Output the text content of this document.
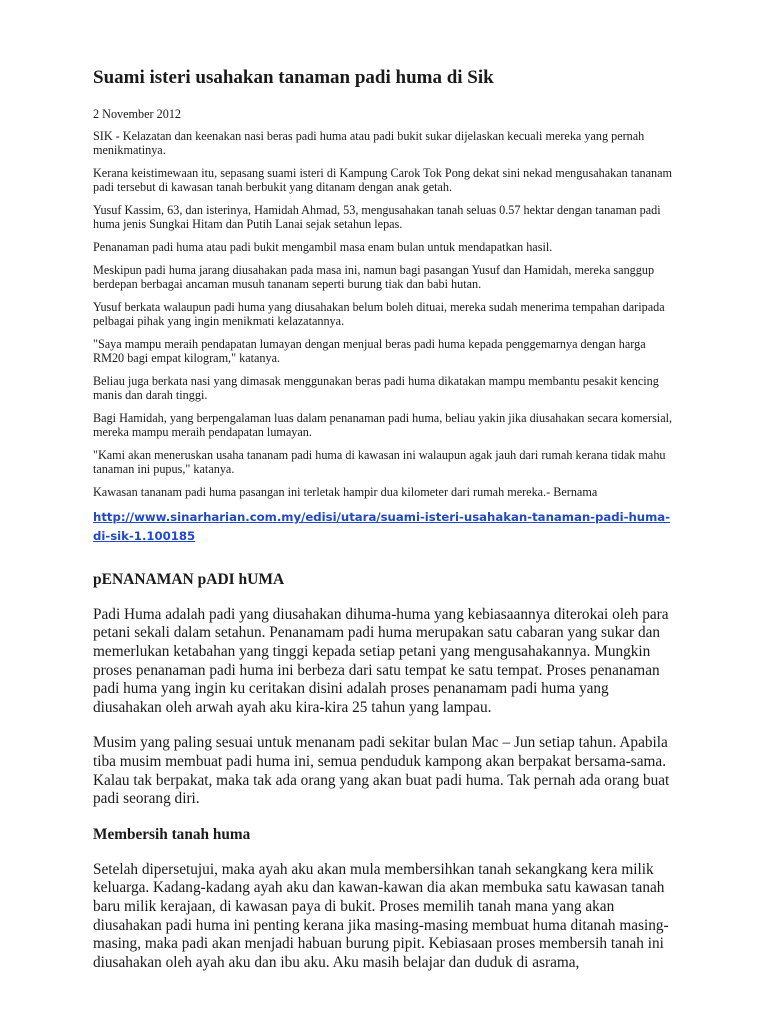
Suami isteri usahakan tanaman padi huma di Sik

2 November 2012

SIK - Kelazatan dan keenakan nasi beras padi huma atau padi bukit sukar dijelaskan kecuali mereka yang pernah menikmatinya.

Kerana keistimewaan itu, sepasang suami isteri di Kampung Carok Tok Pong dekat sini nekad mengusahakan tananam padi tersebut di kawasan tanah berbukit yang ditanam dengan anak getah.

Yusuf Kassim, 63, dan isterinya, Hamidah Ahmad, 53, mengusahakan tanah seluas 0.57 hektar dengan tanaman padi huma jenis Sungkai Hitam dan Putih Lanai sejak setahun lepas.

Penanaman padi huma atau padi bukit mengambil masa enam bulan untuk mendapatkan hasil.

Meskipun padi huma jarang diusahakan pada masa ini, namun bagi pasangan Yusuf dan Hamidah, mereka sanggup berdepan berbagai ancaman musuh tananam seperti burung tiak dan babi hutan.

Yusuf berkata walaupun padi huma yang diusahakan belum boleh dituai, mereka sudah menerima tempahan daripada pelbagai pihak yang ingin menikmati kelazatannya.

"Saya mampu meraih pendapatan lumayan dengan menjual beras padi huma kepada penggemarnya dengan harga RM20 bagi empat kilogram," katanya.

Beliau juga berkata nasi yang dimasak menggunakan beras padi huma dikatakan mampu membantu pesakit kencing manis dan darah tinggi.

Bagi Hamidah, yang berpengalaman luas dalam penanaman padi huma, beliau yakin jika diusahakan secara komersial, mereka mampu meraih pendapatan lumayan.

"Kami akan meneruskan usaha tananam padi huma di kawasan ini walaupun agak jauh dari rumah kerana tidak mahu tanaman ini pupus," katanya.

Kawasan tananam padi huma pasangan ini terletak hampir dua kilometer dari rumah mereka.- Bernama

http://www.sinarharian.com.my/edisi/utara/suami-isteri-usahakan-tanaman-padi-huma-di-sik-1.100185
pENANAMAN pADI hUMA

Padi Huma adalah padi yang diusahakan dihuma-huma yang kebiasaannya diterokai oleh para petani sekali dalam setahun. Penanamam padi huma merupakan satu cabaran yang sukar dan memerlukan ketabahan yang tinggi kepada setiap petani yang mengusahakannya. Mungkin proses penanaman padi huma ini berbeza dari satu tempat ke satu tempat. Proses penanaman padi huma yang ingin ku ceritakan disini adalah proses penanamam padi huma yang diusahakan oleh arwah ayah aku kira-kira 25 tahun yang lampau.

Musim yang paling sesuai untuk menanam padi sekitar bulan Mac – Jun setiap tahun. Apabila tiba musim membuat padi huma ini, semua penduduk kampong akan berpakat bersama-sama. Kalau tak berpakat, maka tak ada orang yang akan buat padi huma. Tak pernah ada orang buat padi seorang diri.

Membersih tanah huma

Setelah dipersetujui, maka ayah aku akan mula membersihkan tanah sekangkang kera milik keluarga. Kadang-kadang ayah aku dan kawan-kawan dia akan membuka satu kawasan tanah baru milik kerajaan, di kawasan paya di bukit. Proses memilih tanah mana yang akan diusahakan padi huma ini penting kerana jika masing-masing membuat huma ditanah masing-masing, maka padi akan menjadi habuan burung pipit. Kebiasaan proses membersih tanah ini diusahakan oleh ayah aku dan ibu aku. Aku masih belajar dan duduk di asrama,
